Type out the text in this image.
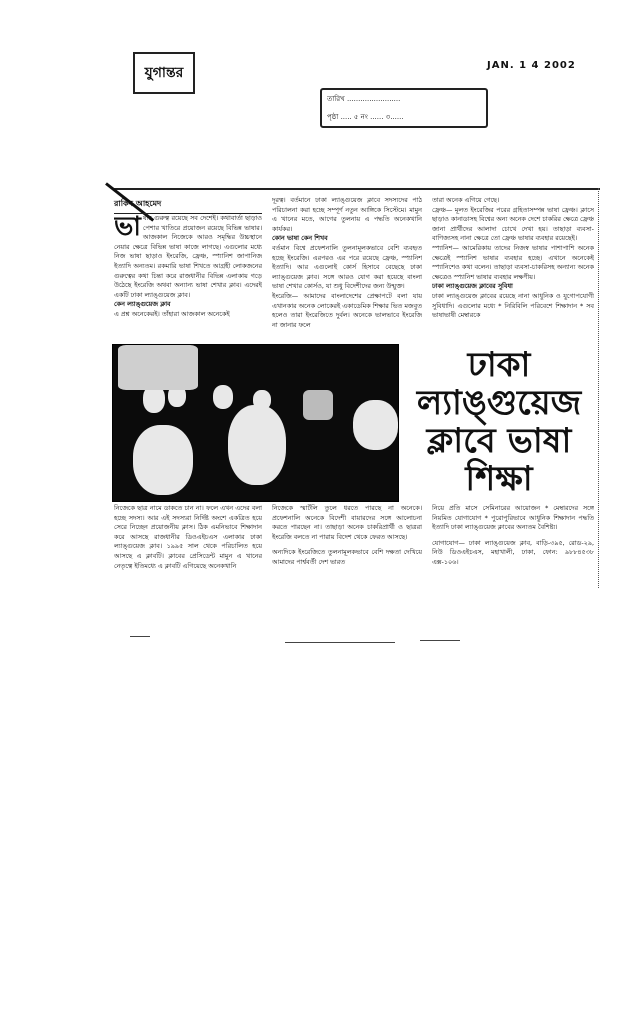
যুগান্তর	JAN. 1 4 2002
তারিখ ........................
পৃষ্ঠা ..... ৫ নং ...... ৩......
রাকিব আহমেদ

ভাষার গুরুত্ব রয়েছে সব দেশেই। কথাবার্তা ছাড়াও পেশার খাতিরে প্রয়োজন রয়েছে বিভিন্ন ভাষার। আজকাল নিজেকে আরও সমৃদ্ধির উচ্চস্থানে নেয়ার ক্ষেত্রে বিভিন্ন ভাষা কাজে লাগছে। এগুলোর মধ্যে নিজ ভাষা ছাড়াও ইংরেজি, ফ্রেঞ্চ, স্প্যানিশ জাপানিজ ইত্যাদি অন্যতম। রকমারি ভাষা শিখতে আগ্রহী লোকজনের গুরুত্বের কথা চিন্তা করে রাজধানীর বিভিন্ন এলাকায় গড়ে উঠেছে ইংরেজি অথবা অন্যান্য ভাষা শেখার ক্লাব। এদেরই একটি ঢাকা ল্যাঙ্গুয়েজ ক্লাব।

কেন ল্যাঙ্গুয়েজ ক্লাব

এ প্রশ্ন অনেকেরই। তাঁহারা আজকাল অনেকেই

দূরত্ব। বর্তমানে ঢাকা ল্যাঙ্গুয়েজ ক্লাবে সদস্যদের পাঠ পরিচালনা করা হচ্ছে সম্পূর্ণ নতুন আঙ্গিকে সিস্টেমে। মামুন এ খানের মতে, আগের তুলনায় এ পদ্ধতি অনেকখানি কার্যকর।

কোন ভাষা কেন শিখব

বর্তমান বিশ্বে প্রফেশনালি তুলনামূলকভাবে বেশি ব্যবহৃত হচ্ছে ইংরেজি। এরপরও এর পরে রয়েছে ফ্রেঞ্চ, স্প্যানিশ ইত্যাদি। আর এগুলোই কোর্স হিসাবে বেছেছে ঢাকা ল্যাঙ্গুয়েজ ক্লাব। সঙ্গে আরও যোগ করা হয়েছে বাংলা ভাষা শেখার কোর্সও, যা শুধু বিদেশীদের জন্য উন্মুক্ত।

ইংরেজি— আমাদের বাংলাদেশের প্রেক্ষাপটে বলা যায় এখানকার অনেক লোকেরই একাডেমিক শিক্ষার ভিত মজবুত হলেও তারা ইংরেজিতে দুর্বল। অনেকে ভালভাবে ইংরেজি না জানার ফলে

তারা অনেক এগিয়ে গেছে।

ফ্রেঞ্চ— মূলত ইংরেজির পরের গ্রহিতাসম্পন্ন ভাষা ফ্রেঞ্চ। ক্লাসে ছাড়াও কানাডাসহ বিশ্বের অন্য অনেক দেশে চাকরির ক্ষেত্রে ফ্রেঞ্চ জানা প্রার্থীদের আলাদা চোখে দেখা হয়। তাছাড়া ব্যবসা-বাণিজ্যসহ নানা ক্ষেত্রে তো ফ্রেঞ্চ ভাষার ব্যবহার রয়েছেই।

স্প্যানিশ— আমেরিকায় তাদের নিজস্ব ভাষার পাশাপাশি অনেক ক্ষেত্রেই স্প্যানিশ ভাষার ব্যবহার হচ্ছে। এখানে অনেকেই স্প্যানিশেও কথা বলেন। তাছাড়া ব্যবসা-চাকরিসহ অন্যান্য অনেক ক্ষেত্রেও স্প্যানিশ ভাষার ব্যবহার লক্ষণীয়।

ঢাকা ল্যাঙ্গুয়েজ ক্লাবের সুবিধা

ঢাকা ল্যাঙ্গুয়েজ ক্লাবের রয়েছে নানা আধুনিক ও যুগোপযোগী সুবিধাদি। এগুলোর মধ্যে * নিরিবিলি পরিবেশে শিক্ষাদান * সব ভাষাভাষী মেম্বারকে

ঢাকা
ল্যাঙ্গুয়েজ
ক্লাবে ভাষা
শিক্ষা

নিজেকে ছাত্র নামে ডাকতে চান না। ফলে এখন এদের বলা হচ্ছে সদস্য। আর এই সদস্যরা নির্দিষ্ট অংশে একত্রিত হয়ে সেরে নিচ্ছেন প্রয়োজনীয় ক্লাস। ঠিক এমনিভাবে শিক্ষাদান করে আসছে রাজধানীর ডিওএইচএস এলাকার ঢাকা ল্যাঙ্গুয়েজ ক্লাব। ১৯৯৫ সাল থেকে পরিচালিত হয়ে আসছে এ ক্লাবটি। ক্লাবের প্রেসিডেন্ট মামুন এ খানের নেতৃত্বে ইতিমধ্যে এ ক্লাবটি এগিয়েছে অনেকখানি

নিজেকে স্মার্টলি তুলে ধরতে পারছে না অনেকে। প্রফেশনালি অনেকে বিদেশী বায়ারদের সঙ্গে আলোচনা করতে পারছেন না। তাছাড়া অনেক চাকরিপ্রার্থী ও ছাত্ররা ইংরেজি বলতে না পারায় বিদেশ থেকে ফেরত আসছে।

অন্যদিকে ইংরেজিতে তুলনামূলকভাবে বেশি দক্ষতা দেখিয়ে আমাদের পার্শ্ববর্তী দেশ ভারত

নিয়ে প্রতি মাসে সেমিনারের আয়োজন * মেম্বারদের সঙ্গে নিয়মিত যোগাযোগ * পুরোপুরিভাবে আধুনিক শিক্ষাদান পদ্ধতি ইত্যাদি ঢাকা ল্যাঙ্গুয়েজ ক্লাবের অন্যতম বৈশিষ্ট্য।

যোগাযোগ— ঢাকা ল্যাঙ্গুয়েজ ক্লাব, বাড়ি-৩৯৫, রোড-২৯, নিউ ডিওএইচএস, মহাখালী, ঢাকা, ফোন: ৯৮৮৪৫৩৮ এক্স-১০৬।
